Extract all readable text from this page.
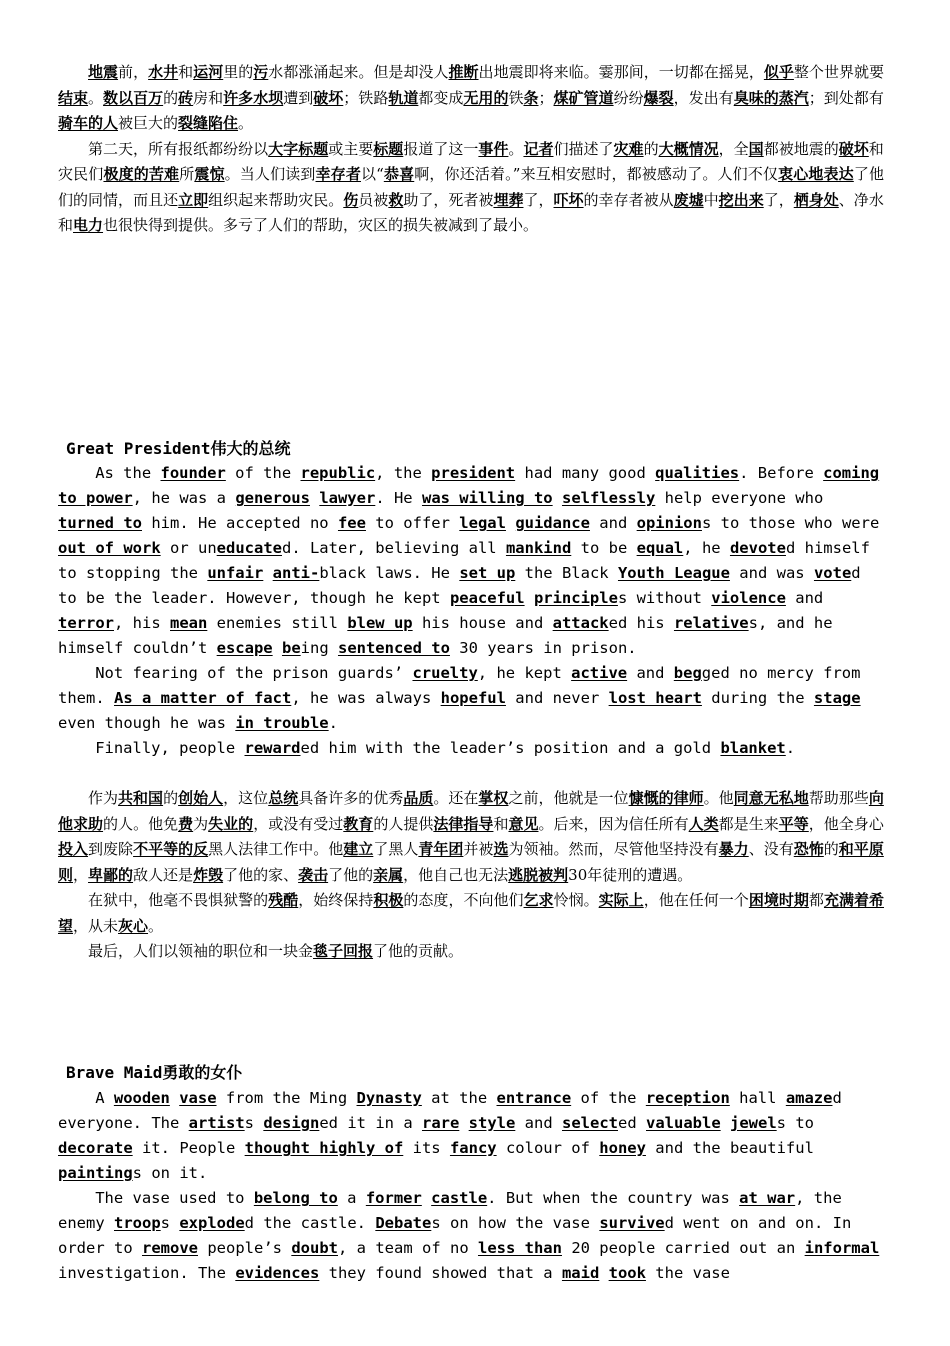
地震前，水井和运河里的污水都涨涌起来。但是却没人推断出地震即将来临。霎那间，一切都在摇晃，似乎整个世界就要结束。数以百万的砖房和许多水坝遭到破坏；铁路轨道都变成无用的铁条；煤矿管道纷纷爆裂，发出有臭味的蒸汽；到处都有骑车的人被巨大的裂缝陷住。

第二天，所有报纸都纷纷以大字标题或主要标题报道了这一事件。记者们描述了灾难的大概情况，全国都被地震的破坏和灾民们极度的苦难所震惊。当人们读到幸存者以“恭喜啊，你还活着。”来互相安慰时，都被感动了。人们不仅衷心地表达了他们的同情，而且还立即组织起来帮助灾民。伤员被救助了，死者被埋葬了，吓坏的幸存者被从废墟中挖出来了，栖身处、净水和电力也很快得到提供。多亏了人们的帮助，灾区的损失被减到了最小。

Great President伟大的总统

As the founder of the republic, the president had many good qualities. Before coming to power, he was a generous lawyer. He was willing to selflessly help everyone who turned to him. He accepted no fee to offer legal guidance and opinions to those who were out of work or uneducated. Later, believing all mankind to be equal, he devoted himself to stopping the unfair anti-black laws. He set up the Black Youth League and was voted to be the leader. However, though he kept peaceful principles without violence and terror, his mean enemies still blew up his house and attacked his relatives, and he himself couldn’t escape being sentenced to 30 years in prison.

Not fearing of the prison guards’ cruelty, he kept active and begged no mercy from them. As a matter of fact, he was always hopeful and never lost heart during the stage even though he was in trouble.

Finally, people rewarded him with the leader’s position and a gold blanket.

作为共和国的创始人，这位总统具备许多的优秀品质。还在掌权之前，他就是一位慷慨的律师。他同意无私地帮助那些向他求助的人。他免费为失业的，或没有受过教育的人提供法律指导和意见。后来，因为信任所有人类都是生来平等，他全身心投入到废除不平等的反黑人法律工作中。他建立了黑人青年团并被选为领袖。然而，尽管他坚持没有暴力、没有恐怖的和平原则，卑鄙的敌人还是炸毁了他的家、袭击了他的亲属，他自己也无法逃脱被判30年徒刑的遭遇。

在狱中，他毫不畏惧狱警的残酷，始终保持积极的态度，不向他们乞求怜悯。实际上，他在任何一个困境时期都充满着希望，从未灰心。

最后，人们以领袖的职位和一块金毯子回报了他的贡献。

Brave Maid勇敢的女仆

A wooden vase from the Ming Dynasty at the entrance of the reception hall amazed everyone. The artists designed it in a rare style and selected valuable jewels to decorate it. People thought highly of its fancy colour of honey and the beautiful paintings on it.

The vase used to belong to a former castle. But when the country was at war, the enemy troops exploded the castle. Debates on how the vase survived went on and on. In order to remove people’s doubt, a team of no less than 20 people carried out an informal investigation. The evidences they found showed that a maid took the vase
